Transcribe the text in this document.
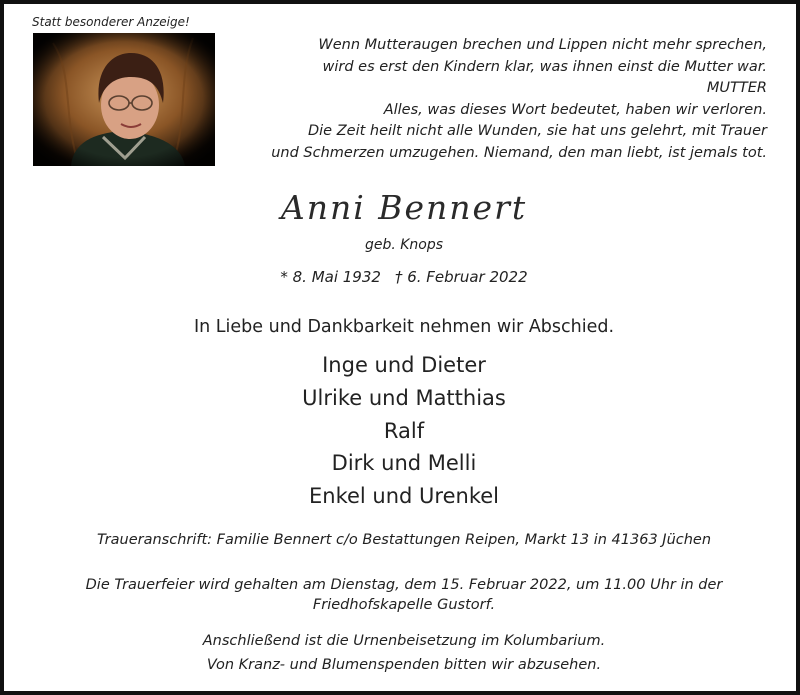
Statt besonderer Anzeige!
Wenn Mutteraugen brechen und Lippen nicht mehr sprechen,
wird es erst den Kindern klar, was ihnen einst die Mutter war.
MUTTER
Alles, was dieses Wort bedeutet, haben wir verloren.
Die Zeit heilt nicht alle Wunden, sie hat uns gelehrt, mit Trauer
und Schmerzen umzugehen. Niemand, den man liebt, ist jemals tot.
Anni Bennert
geb. Knops
* 8. Mai 1932 † 6. Februar 2022
In Liebe und Dankbarkeit nehmen wir Abschied.
Inge und Dieter
Ulrike und Matthias
Ralf
Dirk und Melli
Enkel und Urenkel
Traueranschrift: Familie Bennert c/o Bestattungen Reipen, Markt 13 in 41363 Jüchen
Die Trauerfeier wird gehalten am Dienstag, dem 15. Februar 2022, um 11.00 Uhr in der
Friedhofskapelle Gustorf.
Anschließend ist die Urnenbeisetzung im Kolumbarium.
Von Kranz- und Blumenspenden bitten wir abzusehen.
